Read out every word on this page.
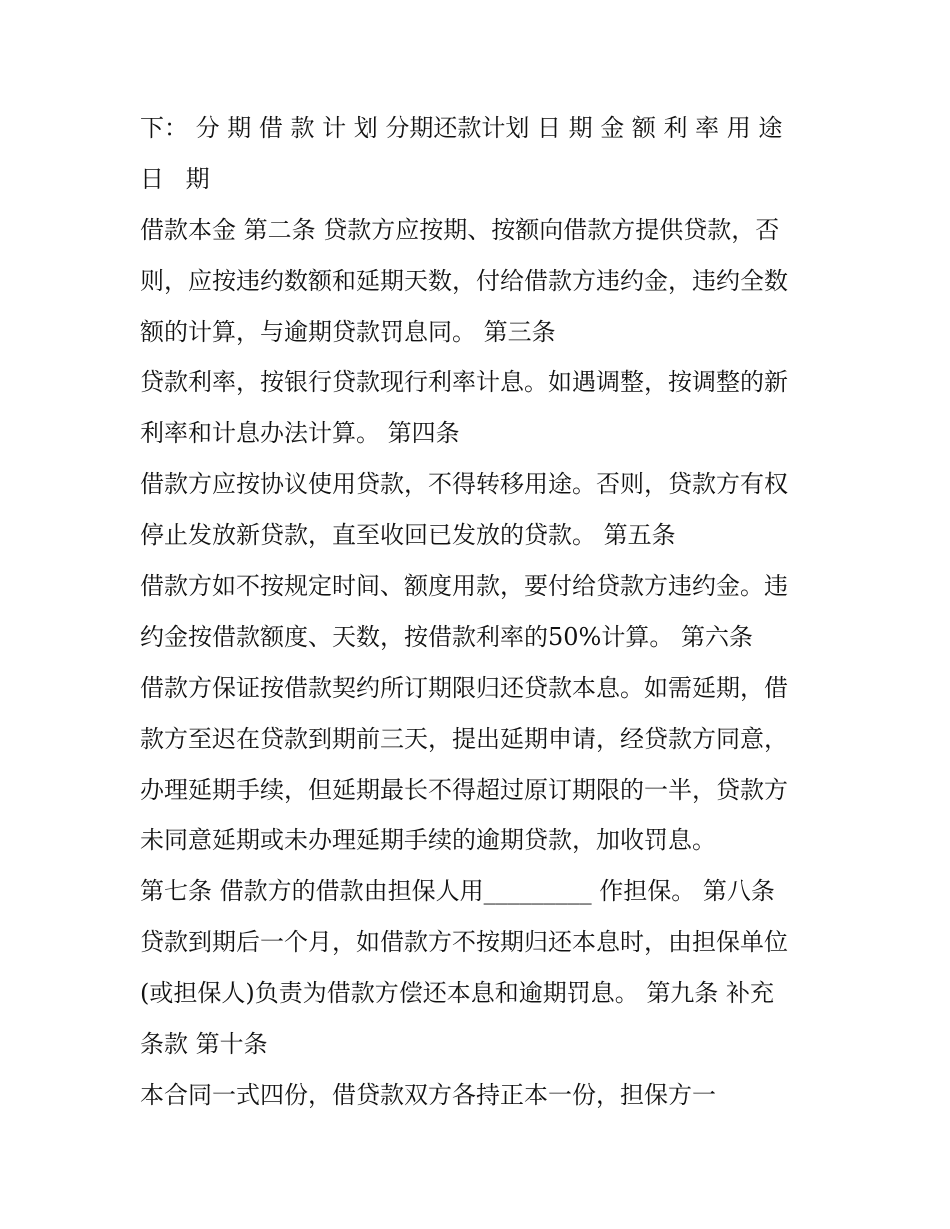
下： 分 期 借 款 计 划 分期还款计划 日 期 金 额 利 率 用 途
日 期
借款本金 第二条 贷款方应按期、按额向借款方提供贷款，否
则，应按违约数额和延期天数，付给借款方违约金，违约全数
额的计算，与逾期贷款罚息同。 第三条
贷款利率，按银行贷款现行利率计息。如遇调整，按调整的新
利率和计息办法计算。 第四条
借款方应按协议使用贷款，不得转移用途。否则，贷款方有权
停止发放新贷款，直至收回已发放的贷款。 第五条
借款方如不按规定时间、额度用款，要付给贷款方违约金。违
约金按借款额度、天数，按借款利率的50%计算。 第六条
借款方保证按借款契约所订期限归还贷款本息。如需延期，借
款方至迟在贷款到期前三天，提出延期申请，经贷款方同意，
办理延期手续，但延期最长不得超过原订期限的一半，贷款方
未同意延期或未办理延期手续的逾期贷款，加收罚息。
第七条 借款方的借款由担保人用_________ 作担保。 第八条
贷款到期后一个月，如借款方不按期归还本息时，由担保单位
(或担保人)负责为借款方偿还本息和逾期罚息。 第九条 补充
条款 第十条
本合同一式四份，借贷款双方各持正本一份，担保方一
